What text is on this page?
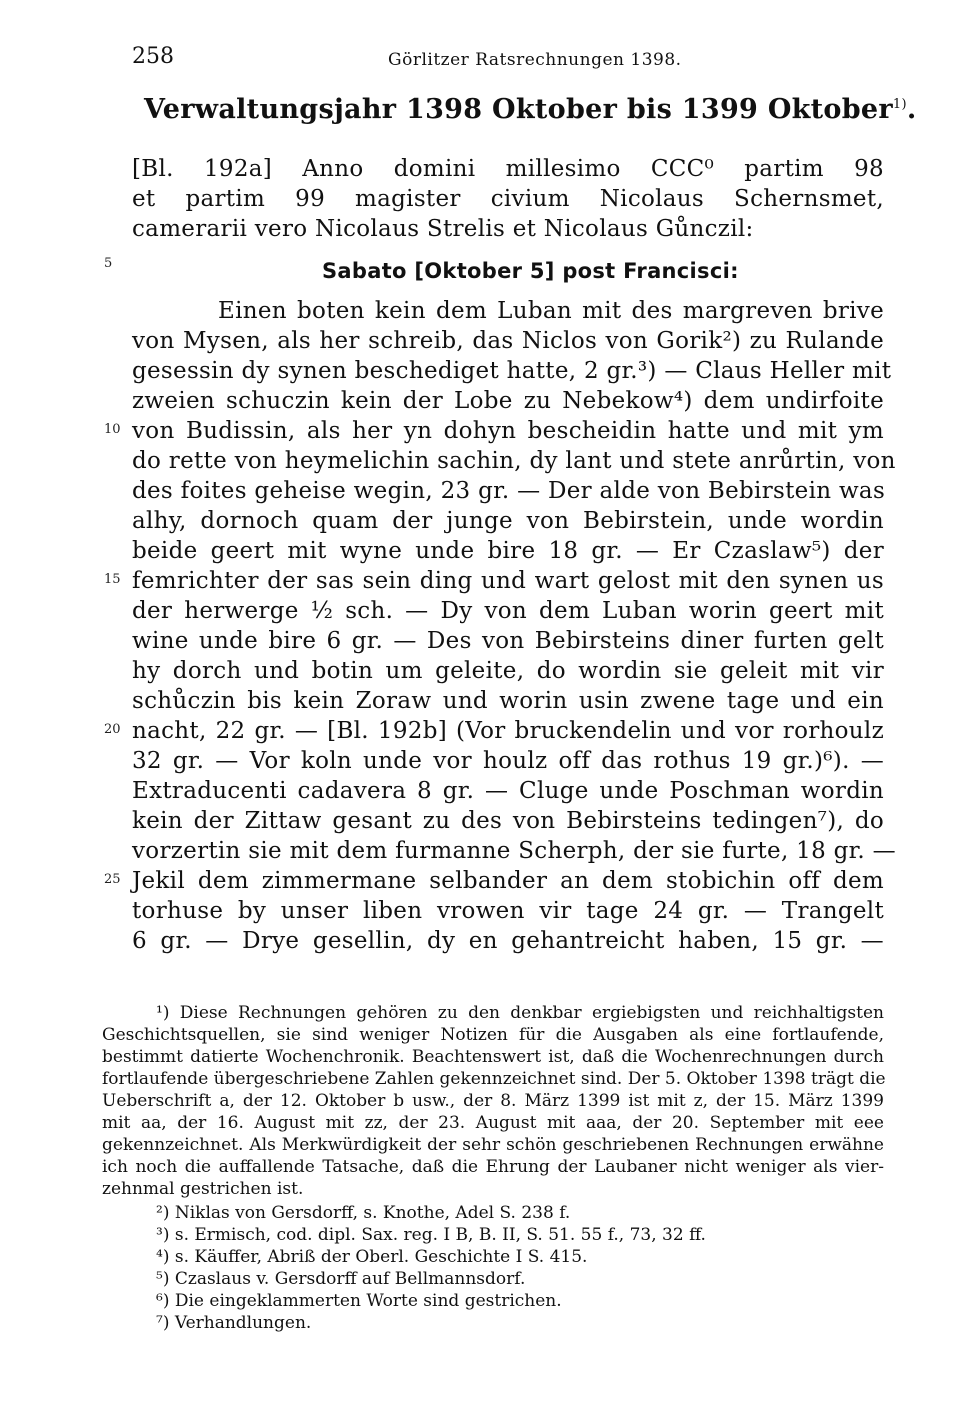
258	Görlitzer Ratsrechnungen 1398.
Verwaltungsjahr 1398 Oktober bis 1399 Oktober$^{1)}$.
[Bl. 192a] Anno domini millesimo CCC⁰ partim 98
et partim 99 magister civium Nicolaus Schernsmet,
camerarii vero Nicolaus Strelis et Nicolaus Gůnczil:
Sabato [Oktober 5] post Francisci:
Einen boten kein dem Luban mit des margreven brive
von Mysen, als her schreib, das Niclos von Gorik²) zu Rulande
gesessin dy synen beschediget hatte, 2 gr.³) — Claus Heller mit
zweien schuczin kein der Lobe zu Nebekow⁴) dem undirfoite
von Budissin, als her yn dohyn bescheidin hatte und mit ym
do rette von heymelichin sachin, dy lant und stete anrůrtin, von
des foites geheise wegin, 23 gr. — Der alde von Bebirstein was
alhy, dornoch quam der junge von Bebirstein, unde wordin
beide geert mit wyne unde bire 18 gr. — Er Czaslaw⁵) der
femrichter der sas sein ding und wart gelost mit den synen us
der herwerge ½ sch. — Dy von dem Luban worin geert mit
wine unde bire 6 gr. — Des von Bebirsteins diner furten gelt
hy dorch und botin um geleite, do wordin sie geleit mit vir
schůczin bis kein Zoraw und worin usin zwene tage und ein
nacht, 22 gr. — [Bl. 192b] (Vor bruckendelin und vor rorhoulz
32 gr. — Vor koln unde vor houlz off das rothus 19 gr.)⁶). —
Extraducenti cadavera 8 gr. — Cluge unde Poschman wordin
kein der Zittaw gesant zu des von Bebirsteins tedingen⁷), do
vorzertin sie mit dem furmanne Scherph, der sie furte, 18 gr. —
Jekil dem zimmermane selbander an dem stobichin off dem
torhuse by unser liben vrowen vir tage 24 gr. — Trangelt
6 gr. — Drye gesellin, dy en gehantreicht haben, 15 gr. —
5
10
15
20
25
¹) Diese Rechnungen gehören zu den denkbar ergiebigsten und reichhaltigsten
Geschichtsquellen, sie sind weniger Notizen für die Ausgaben als eine fortlaufende,
bestimmt datierte Wochenchronik. Beachtenswert ist, daß die Wochenrechnungen durch
fortlaufende übergeschriebene Zahlen gekennzeichnet sind. Der 5. Oktober 1398 trägt die
Ueberschrift a, der 12. Oktober b usw., der 8. März 1399 ist mit z, der 15. März 1399
mit aa, der 16. August mit zz, der 23. August mit aaa, der 20. September mit eee
gekennzeichnet. Als Merkwürdigkeit der sehr schön geschriebenen Rechnungen erwähne
ich noch die auffallende Tatsache, daß die Ehrung der Laubaner nicht weniger als vier-
zehnmal gestrichen ist.
²) Niklas von Gersdorff, s. Knothe, Adel S. 238 f.
³) s. Ermisch, cod. dipl. Sax. reg. I B, B. II, S. 51. 55 f., 73, 32 ff.
⁴) s. Käuffer, Abriß der Oberl. Geschichte I S. 415.
⁵) Czaslaus v. Gersdorff auf Bellmannsdorf.
⁶) Die eingeklammerten Worte sind gestrichen.
⁷) Verhandlungen.
